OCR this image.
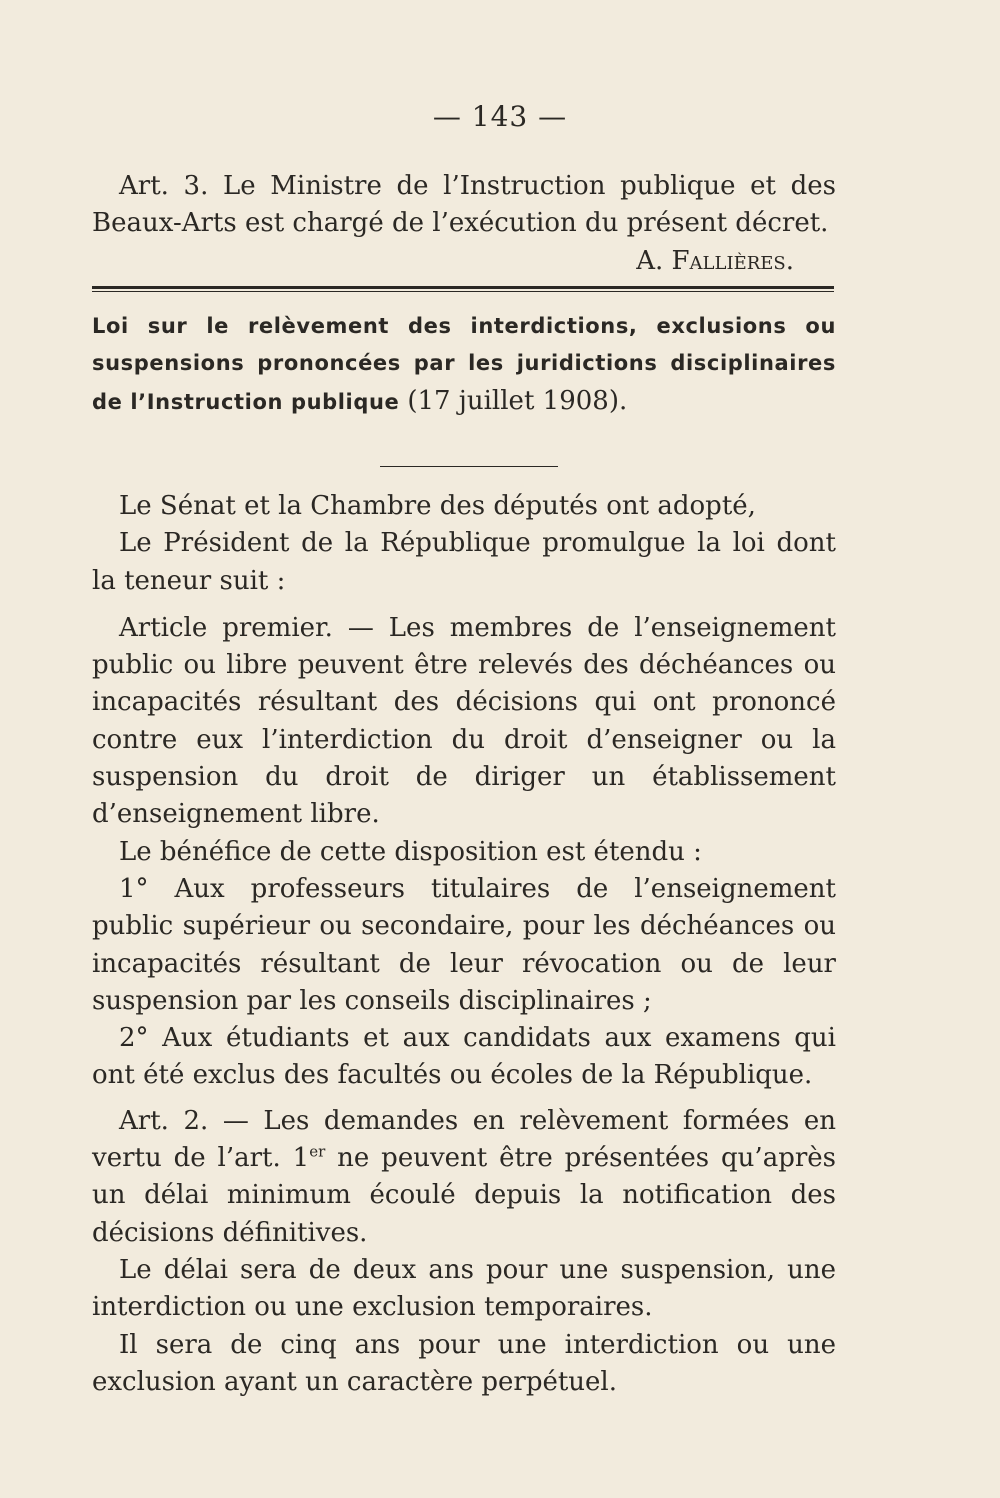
— 143 —

Art. 3. Le Ministre de l’Instruction publique et des Beaux-Arts est chargé de l’exécution du présent décret.

A. Fallières.

Loi sur le relèvement des interdictions, exclusions ou suspensions prononcées par les juridictions disciplinaires de l’Instruction publique (17 juillet 1908).

Le Sénat et la Chambre des députés ont adopté,

Le Président de la République promulgue la loi dont la teneur suit :

Article premier. — Les membres de l’enseignement public ou libre peuvent être relevés des déchéances ou incapacités résultant des décisions qui ont prononcé contre eux l’interdiction du droit d’enseigner ou la suspension du droit de diriger un établissement d’enseignement libre.

Le bénéfice de cette disposition est étendu :

1° Aux professeurs titulaires de l’enseignement public supérieur ou secondaire, pour les déchéances ou incapacités résultant de leur révocation ou de leur suspension par les conseils disciplinaires ;

2° Aux étudiants et aux candidats aux examens qui ont été exclus des facultés ou écoles de la République.

Art. 2. — Les demandes en relèvement formées en vertu de l’art. 1er ne peuvent être présentées qu’après un délai minimum écoulé depuis la notification des décisions définitives.

Le délai sera de deux ans pour une suspension, une interdiction ou une exclusion temporaires.

Il sera de cinq ans pour une interdiction ou une exclusion ayant un caractère perpétuel.
